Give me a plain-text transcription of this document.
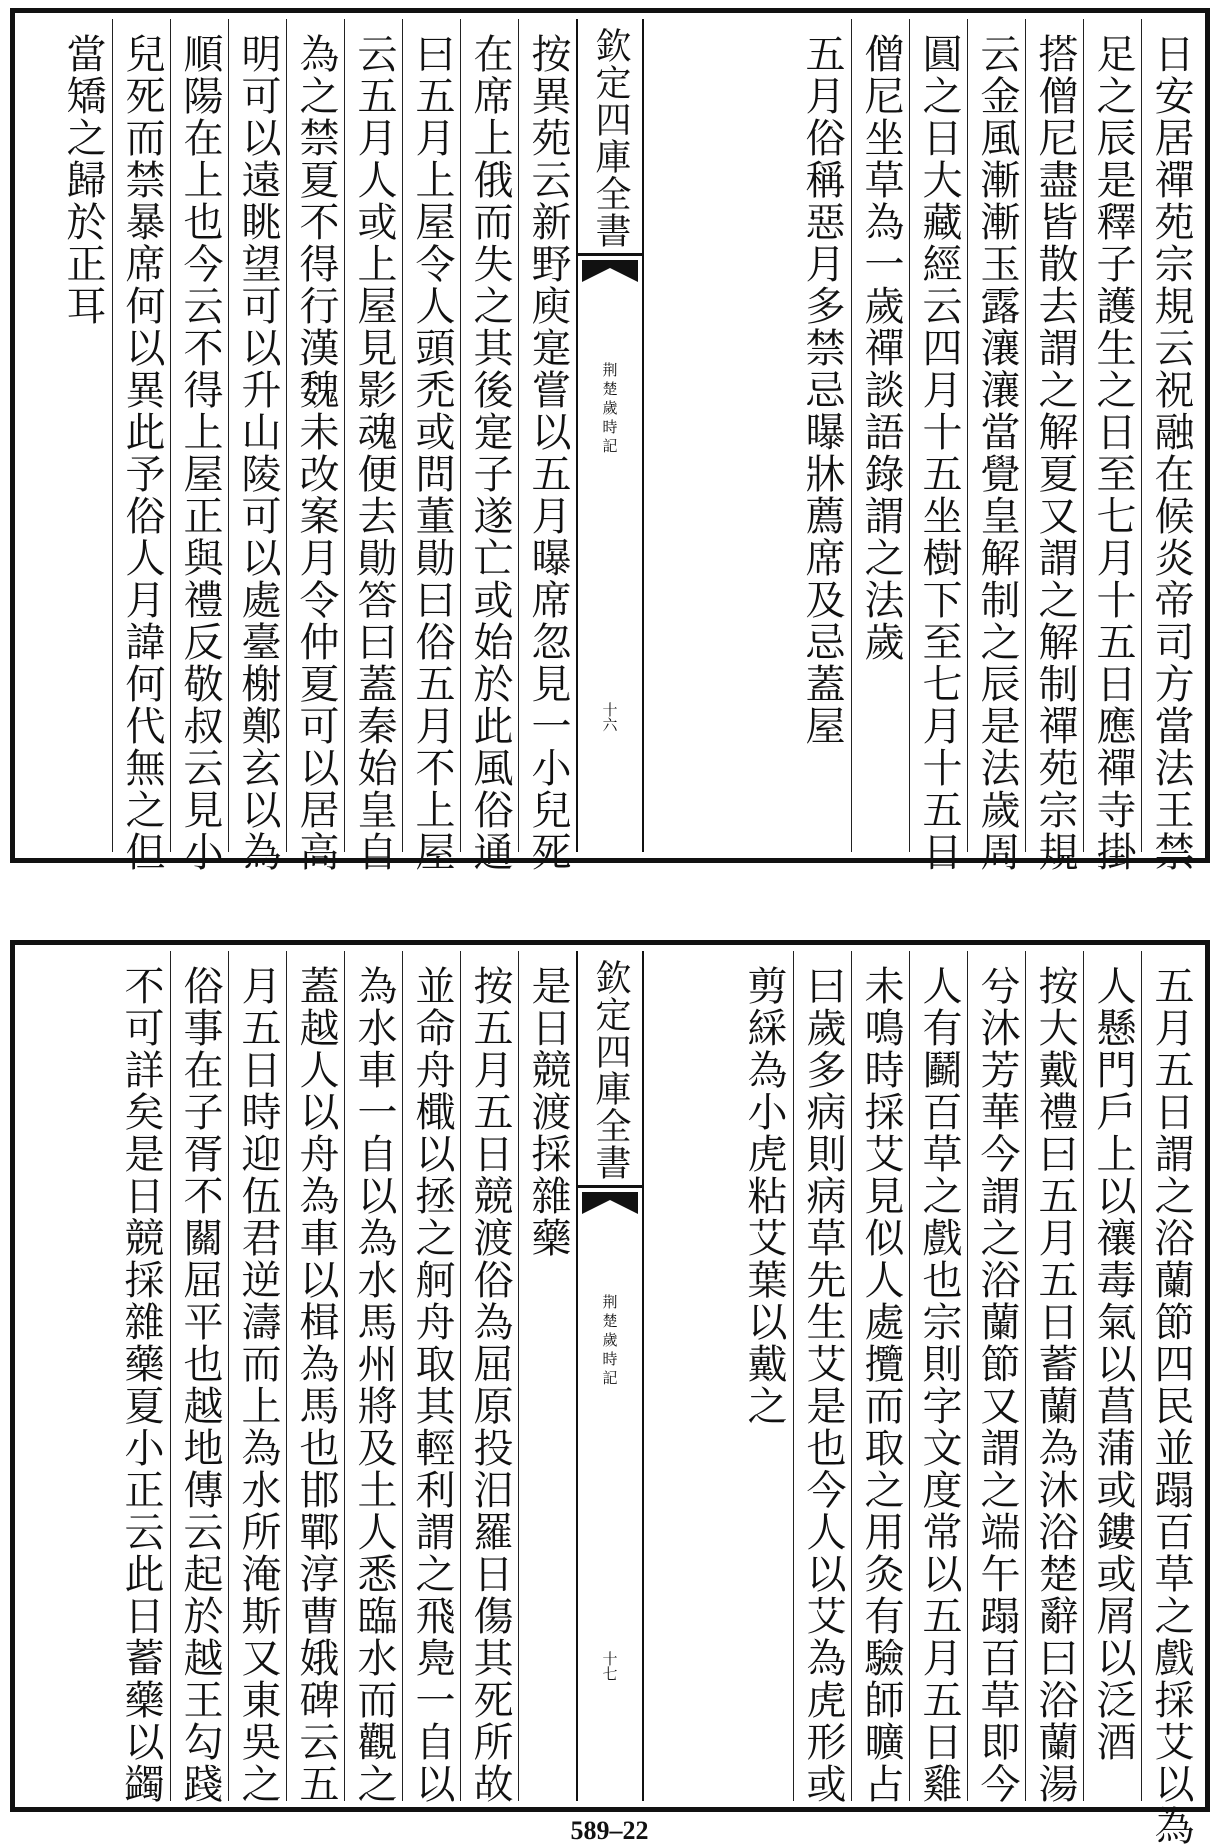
日安居禪苑宗規云祝融在候炎帝司方當法王禁
足之辰是釋子護生之日至七月十五日應禪寺掛
搭僧尼盡皆散去謂之解夏又謂之解制禪苑宗規
云金風漸漸玉露瀼瀼當覺皇解制之辰是法歲周
圓之日大藏經云四月十五坐樹下至七月十五日
僧尼坐草為一歲禪談語錄謂之法歲
五月俗稱惡月多禁忌曝牀薦席及忌蓋屋
欽定四庫全書
荆楚歲時記
十六
按異苑云新野庾寔嘗以五月曝席忽見一小兒死
在席上俄而失之其後寔子遂亡或始於此風俗通
曰五月上屋令人頭禿或問董勛曰俗五月不上屋
云五月人或上屋見影魂便去勛答曰蓋秦始皇自
為之禁夏不得行漢魏未改案月令仲夏可以居高
明可以遠眺望可以升山陵可以處臺榭鄭玄以為
順陽在上也今云不得上屋正與禮反敬叔云見小
兒死而禁暴席何以異此予俗人月諱何代無之但
當矯之歸於正耳
五月五日謂之浴蘭節四民並蹋百草之戲採艾以為
人懸門戶上以禳毒氣以菖蒲或鏤或屑以泛酒
按大戴禮曰五月五日蓄蘭為沐浴楚辭曰浴蘭湯
兮沐芳華今謂之浴蘭節又謂之端午蹋百草即今
人有鬬百草之戲也宗則字文度常以五月五日雞
未鳴時採艾見似人處攬而取之用灸有驗師曠占
曰歲多病則病草先生艾是也今人以艾為虎形或
剪綵為小虎粘艾葉以戴之
欽定四庫全書
荆楚歲時記
十七
是日競渡採雜藥
按五月五日競渡俗為屈原投汨羅日傷其死所故
並命舟檝以拯之舸舟取其輕利謂之飛鳧一自以
為水車一自以為水馬州將及土人悉臨水而觀之
蓋越人以舟為車以楫為馬也邯鄲淳曹娥碑云五
月五日時迎伍君逆濤而上為水所淹斯又東吳之
俗事在子胥不關屈平也越地傳云起於越王勾踐
不可詳矣是日競採雜藥夏小正云此日蓄藥以蠲
589–22
